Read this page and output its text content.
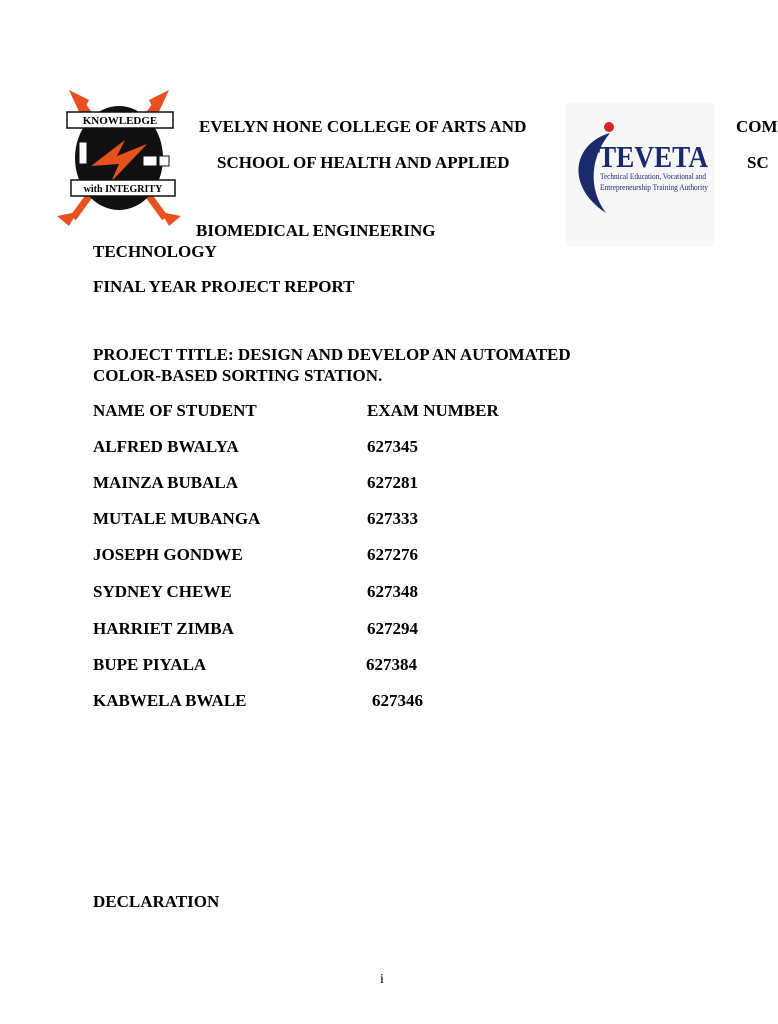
KNOWLEDGE
with INTEGRITY
TEVETA
Technical Education, Vocational and
Entrepreneurship Training Authority
EVELYN HONE COLLEGE OF ARTS AND	COM
SCHOOL OF HEALTH AND APPLIED	SC
BIOMEDICAL ENGINEERING
TECHNOLOGY
FINAL YEAR PROJECT REPORT
PROJECT TITLE: DESIGN AND DEVELOP AN AUTOMATED
COLOR-BASED SORTING STATION.
NAME OF STUDENT	EXAM NUMBER
ALFRED BWALYA	627345
MAINZA BUBALA	627281
MUTALE MUBANGA	627333
JOSEPH GONDWE	627276
SYDNEY CHEWE	627348
HARRIET ZIMBA	627294
BUPE PIYALA	627384
KABWELA BWALE	627346
DECLARATION
i
